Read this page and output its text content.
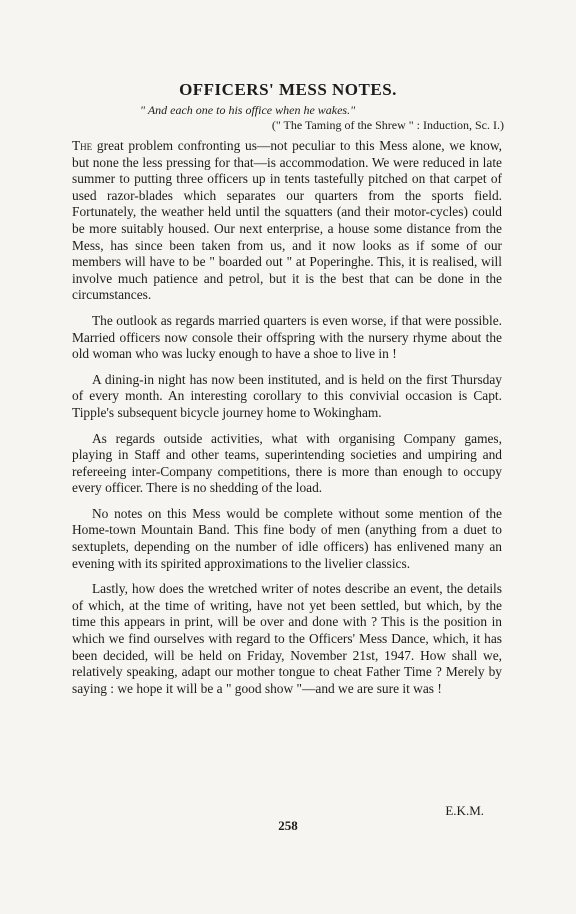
OFFICERS' MESS NOTES.
" And each one to his office when he wakes."
(" The Taming of the Shrew " : Induction, Sc. I.)

The great problem confronting us—not peculiar to this Mess alone, we know, but none the less pressing for that—is accommodation. We were reduced in late summer to putting three officers up in tents tastefully pitched on that carpet of used razor-blades which separates our quarters from the sports field. Fortunately, the weather held until the squatters (and their motor-cycles) could be more suitably housed. Our next enterprise, a house some distance from the Mess, has since been taken from us, and it now looks as if some of our members will have to be " boarded out " at Poperinghe. This, it is realised, will involve much patience and petrol, but it is the best that can be done in the circumstances.

The outlook as regards married quarters is even worse, if that were possible. Married officers now console their offspring with the nursery rhyme about the old woman who was lucky enough to have a shoe to live in !

A dining-in night has now been instituted, and is held on the first Thursday of every month. An interesting corollary to this convivial occasion is Capt. Tipple's subsequent bicycle journey home to Wokingham.

As regards outside activities, what with organising Company games, playing in Staff and other teams, superintending societies and umpiring and refereeing inter-Company competitions, there is more than enough to occupy every officer. There is no shedding of the load.

No notes on this Mess would be complete without some mention of the Home-town Mountain Band. This fine body of men (anything from a duet to sextuplets, depending on the number of idle officers) has enlivened many an evening with its spirited approximations to the livelier classics.

Lastly, how does the wretched writer of notes describe an event, the details of which, at the time of writing, have not yet been settled, but which, by the time this appears in print, will be over and done with ? This is the position in which we find ourselves with regard to the Officers' Mess Dance, which, it has been decided, will be held on Friday, November 21st, 1947. How shall we, relatively speaking, adapt our mother tongue to cheat Father Time ? Merely by saying : we hope it will be a " good show "—and we are sure it was !

E.K.M.
258
